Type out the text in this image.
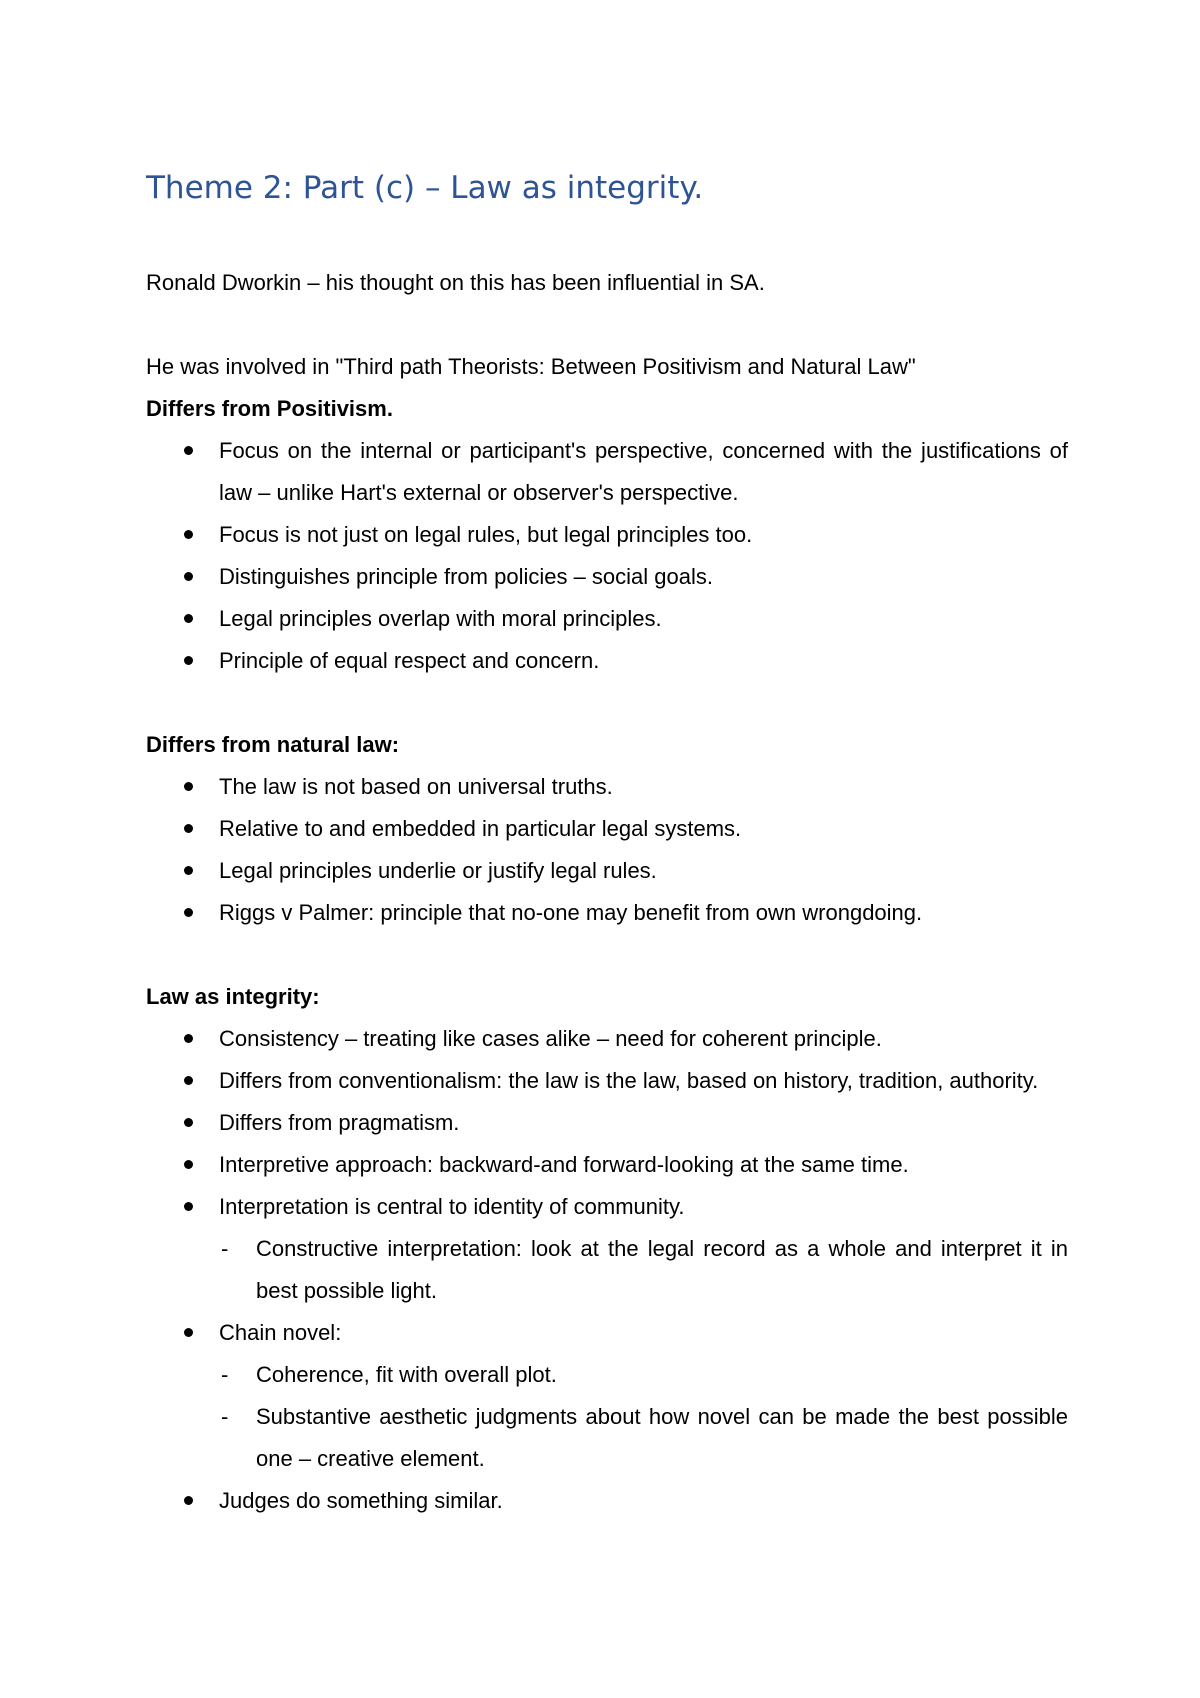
Theme 2: Part (c) – Law as integrity.

Ronald Dworkin – his thought on this has been influential in SA.

He was involved in "Third path Theorists: Between Positivism and Natural Law"

Differs from Positivism.

Focus on the internal or participant's perspective, concerned with the justifications of law – unlike Hart's external or observer's perspective.
Focus is not just on legal rules, but legal principles too.
Distinguishes principle from policies – social goals.
Legal principles overlap with moral principles.
Principle of equal respect and concern.

Differs from natural law:

The law is not based on universal truths.
Relative to and embedded in particular legal systems.
Legal principles underlie or justify legal rules.
Riggs v Palmer: principle that no-one may benefit from own wrongdoing.

Law as integrity:

Consistency – treating like cases alike – need for coherent principle.
Differs from conventionalism: the law is the law, based on history, tradition, authority.
Differs from pragmatism.
Interpretive approach: backward-and forward-looking at the same time.
Interpretation is central to identity of community.
- Constructive interpretation: look at the legal record as a whole and interpret it in best possible light.
Chain novel:
- Coherence, fit with overall plot.
- Substantive aesthetic judgments about how novel can be made the best possible one – creative element.
Judges do something similar.
